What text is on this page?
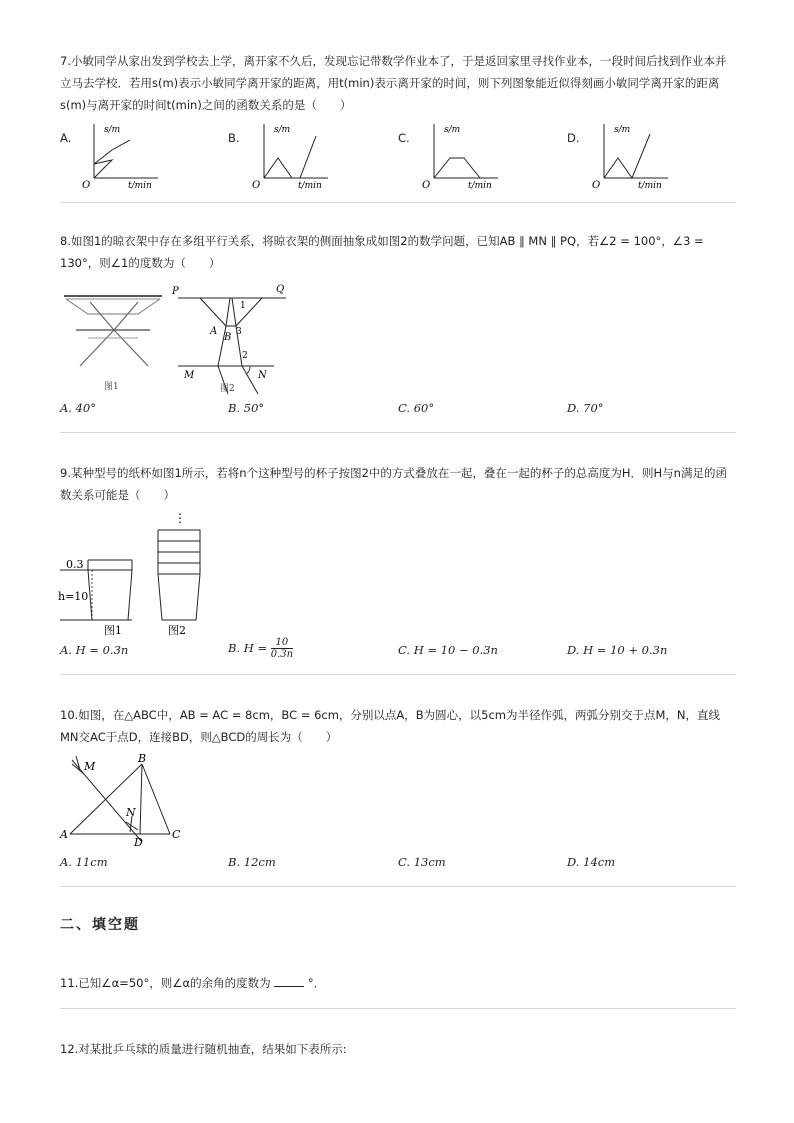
7.小敏同学从家出发到学校去上学，离开家不久后，发现忘记带数学作业本了，于是返回家里寻找作业本，一段时间后找到作业本并立马去学校．若用s(m)表示小敏同学离开家的距离，用t(min)表示离开家的时间，则下列图象能近似得刻画小敏同学离开家的距离s(m)与离开家的时间t(min)之间的函数关系的是（　　）
A.
O
s/m
t/min
B.
O
s/m
t/min
C.
O
s/m
t/min
D.
O
s/m
t/min
8.如图1的晾衣架中存在多组平行关系，将晾衣架的侧面抽象成如图2的数学问题，已知AB ∥ MN ∥ PQ，若∠2 = 100°，∠3 = 130°，则∠1的度数为（　　）
图1
P	Q
A
B
1
3
2
M	N
图2
A. 40°	B. 50°	C. 60°	D. 70°
9.某种型号的纸杯如图1所示，若将n个这种型号的杯子按图2中的方式叠放在一起，叠在一起的杯子的总高度为H．则H与n满足的函数关系可能是（　　）
0.3
h=10
图1
⋮
图2
A. H = 0.3n	B. $H = \frac{10}{0.3n}$	C. H = 10 − 0.3n	D. H = 10 + 0.3n
10.如图，在△ABC中，AB = AC = 8cm，BC = 6cm，分别以点A，B为圆心，以5cm为半径作弧，两弧分别交于点M，N，直线MN交AC于点D，连接BD，则△BCD的周长为（　　）
A
B
C
D
M
N
A. 11cm	B. 12cm	C. 13cm	D. 14cm
二、填空题
11.已知∠α=50°，则∠α的余角的度数为	°．
12.对某批乒乓球的质量进行随机抽查，结果如下表所示:
